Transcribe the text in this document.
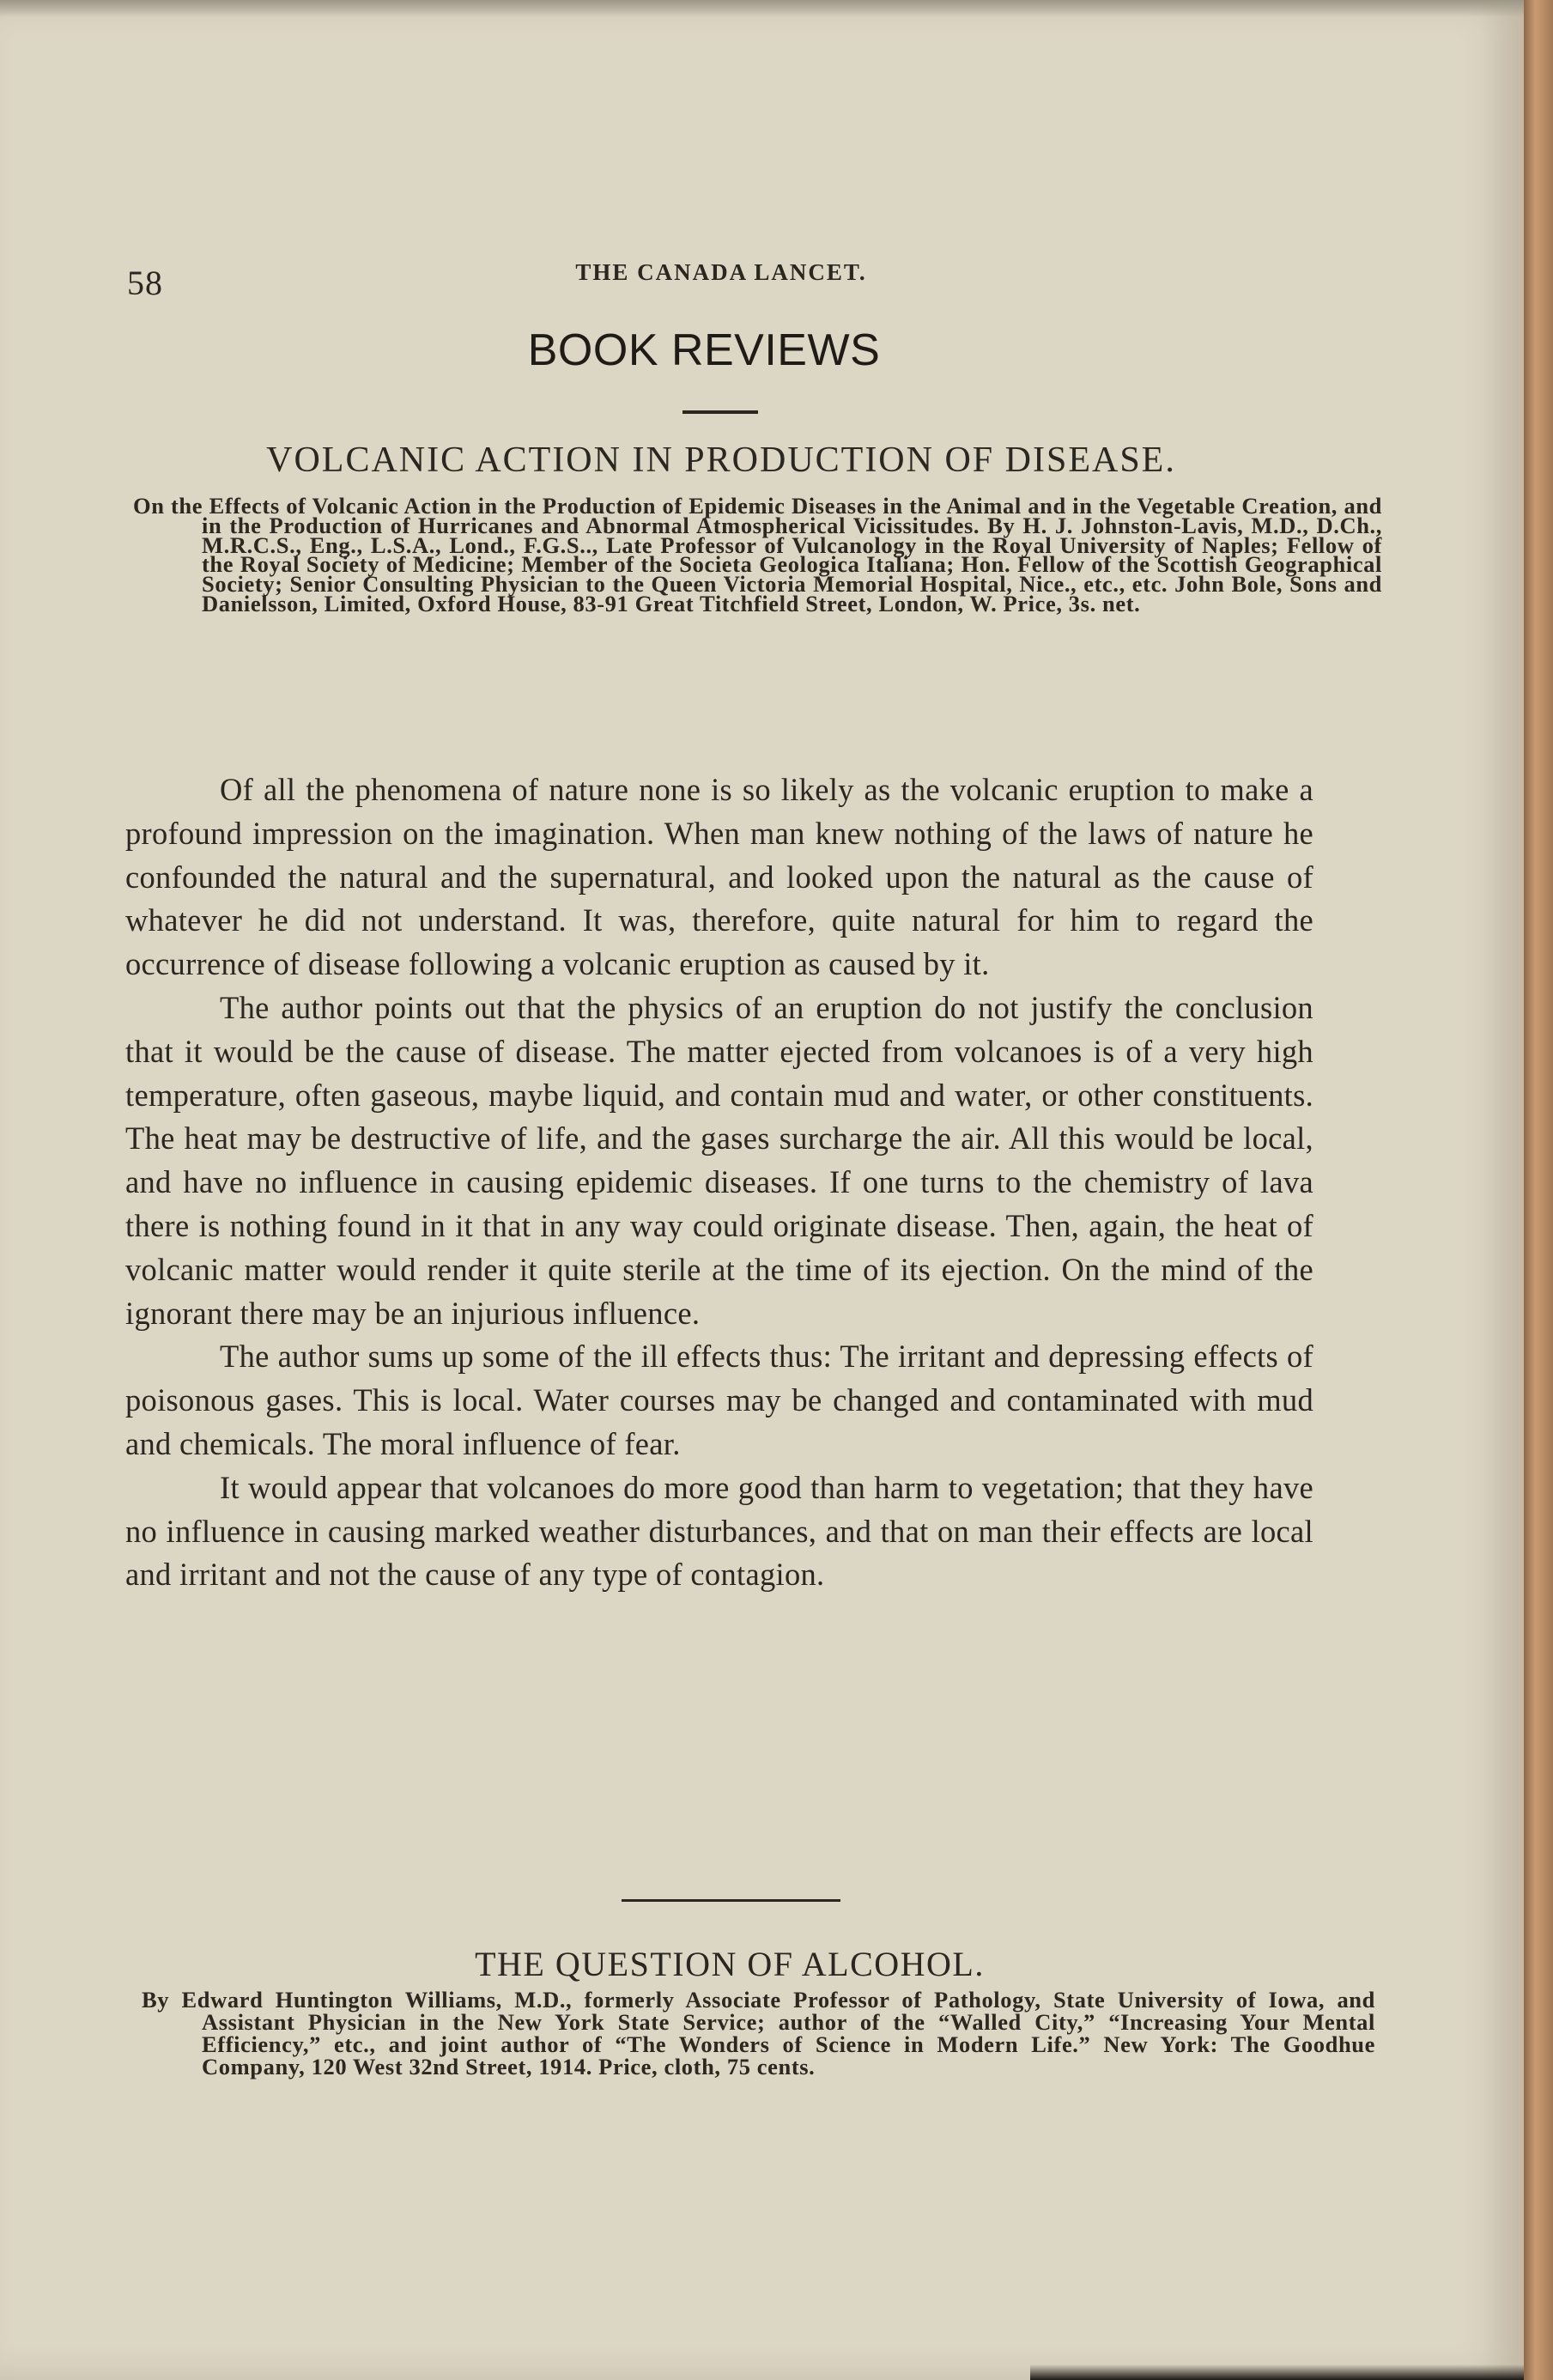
58	THE CANADA LANCET.
BOOK REVIEWS
VOLCANIC ACTION IN PRODUCTION OF DISEASE.
On the Effects of Volcanic Action in the Production of Epidemic Diseases in the Animal and in the Vegetable Creation, and in the Production of Hurricanes and Abnormal Atmospherical Vicissitudes. By H. J. Johnston-Lavis, M.D., D.Ch., M.R.C.S., Eng., L.S.A., Lond., F.G.S.., Late Professor of Vulcanology in the Royal University of Naples; Fellow of the Royal Society of Medicine; Member of the Societa Geologica Italiana; Hon. Fellow of the Scottish Geographical Society; Senior Consulting Physician to the Queen Victoria Memorial Hospital, Nice., etc., etc. John Bole, Sons and Danielsson, Limited, Oxford House, 83-91 Great Titchfield Street, London, W. Price, 3s. net.

Of all the phenomena of nature none is so likely as the volcanic eruption to make a profound impression on the imagination. When man knew nothing of the laws of nature he confounded the natural and the supernatural, and looked upon the natural as the cause of whatever he did not understand. It was, therefore, quite natural for him to regard the occurrence of disease following a volcanic eruption as caused by it.

The author points out that the physics of an eruption do not justify the conclusion that it would be the cause of disease. The matter ejected from volcanoes is of a very high temperature, often gaseous, maybe liquid, and contain mud and water, or other constituents. The heat may be destructive of life, and the gases surcharge the air. All this would be local, and have no influence in causing epidemic diseases. If one turns to the chemistry of lava there is nothing found in it that in any way could originate disease. Then, again, the heat of volcanic matter would render it quite sterile at the time of its ejection. On the mind of the ignorant there may be an injurious influence.

The author sums up some of the ill effects thus: The irritant and depressing effects of poisonous gases. This is local. Water courses may be changed and contaminated with mud and chemicals. The moral influence of fear.

It would appear that volcanoes do more good than harm to vegetation; that they have no influence in causing marked weather disturbances, and that on man their effects are local and irritant and not the cause of any type of contagion.

THE QUESTION OF ALCOHOL.
By Edward Huntington Williams, M.D., formerly Associate Professor of Pathology, State University of Iowa, and Assistant Physician in the New York State Service; author of the “Walled City,” “Increasing Your Mental Efficiency,” etc., and joint author of “The Wonders of Science in Modern Life.” New York: The Goodhue Company, 120 West 32nd Street, 1914. Price, cloth, 75 cents.
